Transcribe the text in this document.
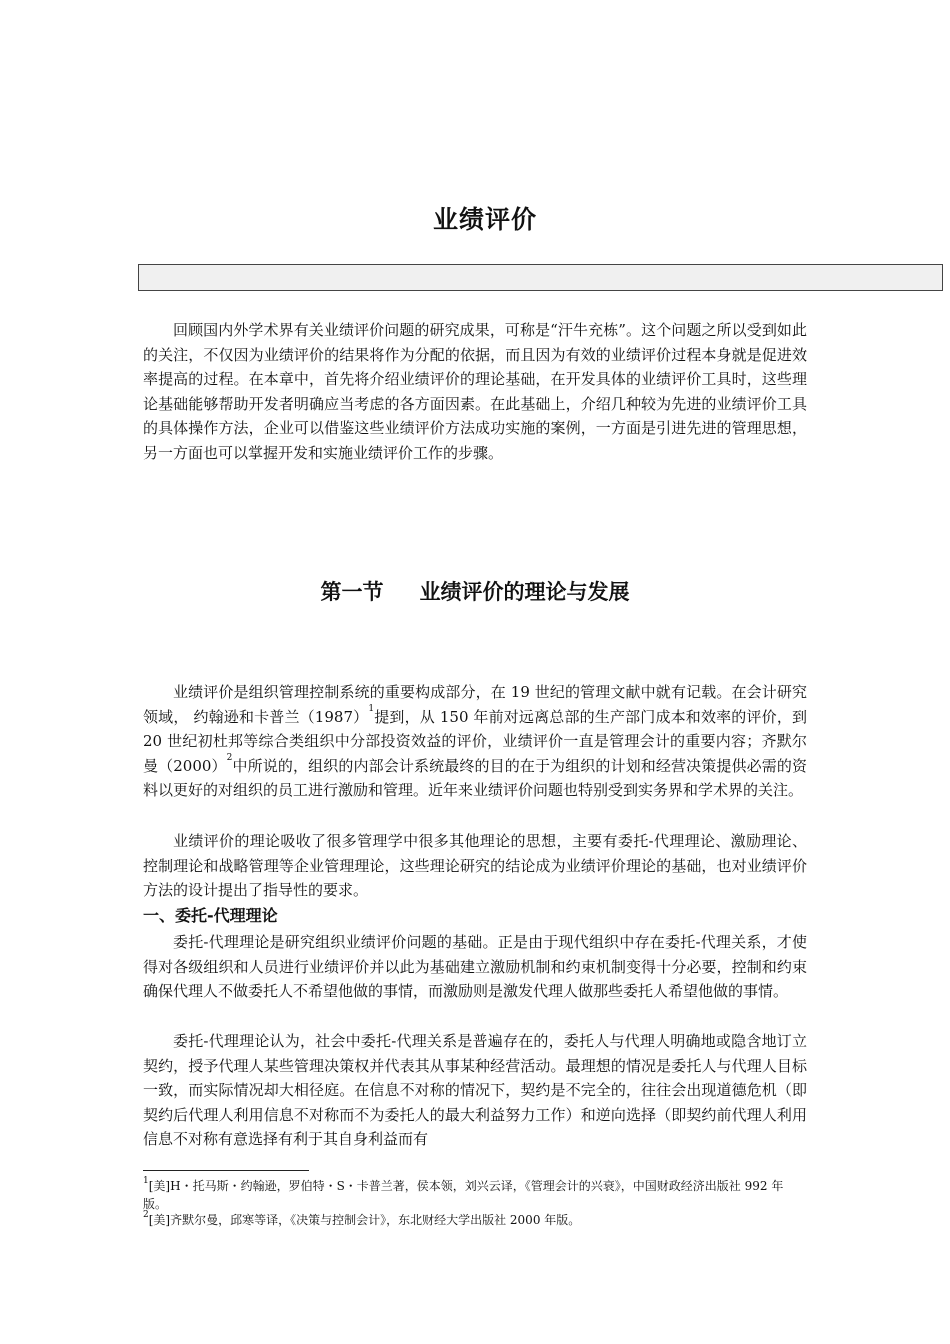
业绩评价

回顾国内外学术界有关业绩评价问题的研究成果，可称是“汗牛充栋”。这个问题之所以受到如此的关注，不仅因为业绩评价的结果将作为分配的依据，而且因为有效的业绩评价过程本身就是促进效率提高的过程。在本章中，首先将介绍业绩评价的理论基础，在开发具体的业绩评价工具时，这些理论基础能够帮助开发者明确应当考虑的各方面因素。在此基础上，介绍几种较为先进的业绩评价工具的具体操作方法，企业可以借鉴这些业绩评价方法成功实施的案例，一方面是引进先进的管理思想，另一方面也可以掌握开发和实施业绩评价工作的步骤。

第一节 业绩评价的理论与发展

业绩评价是组织管理控制系统的重要构成部分，在 19 世纪的管理文献中就有记载。在会计研究领域， 约翰逊和卡普兰$(1987)^1$提到，从 150 年前对远离总部的生产部门成本和效率的评价，到 20 世纪初杜邦等综合类组织中分部投资效益的评价，业绩评价一直是管理会计的重要内容；齐默尔曼$(2000)^2$中所说的，组织的内部会计系统最终的目的在于为组织的计划和经营决策提供必需的资料以更好的对组织的员工进行激励和管理。近年来业绩评价问题也特别受到实务界和学术界的关注。

业绩评价的理论吸收了很多管理学中很多其他理论的思想，主要有委托-代理理论、激励理论、控制理论和战略管理等企业管理理论，这些理论研究的结论成为业绩评价理论的基础，也对业绩评价方法的设计提出了指导性的要求。

一、委托-代理理论

委托-代理理论是研究组织业绩评价问题的基础。正是由于现代组织中存在委托-代理关系，才使得对各级组织和人员进行业绩评价并以此为基础建立激励机制和约束机制变得十分必要，控制和约束确保代理人不做委托人不希望他做的事情，而激励则是激发代理人做那些委托人希望他做的事情。

委托-代理理论认为，社会中委托-代理关系是普遍存在的，委托人与代理人明确地或隐含地订立契约，授予代理人某些管理决策权并代表其从事某种经营活动。最理想的情况是委托人与代理人目标一致，而实际情况却大相径庭。在信息不对称的情况下，契约是不完全的，往往会出现道德危机（即契约后代理人利用信息不对称而不为委托人的最大利益努力工作）和逆向选择（即契约前代理人利用信息不对称有意选择有利于其自身利益而有

$^1$[美]H・托马斯・约翰逊，罗伯特・S・卡普兰著，侯本领，刘兴云译，《管理会计的兴衰》，中国财政经济出版社 992 年版。

$^2$[美]齐默尔曼，邱寒等译，《决策与控制会计》，东北财经大学出版社 2000 年版。
